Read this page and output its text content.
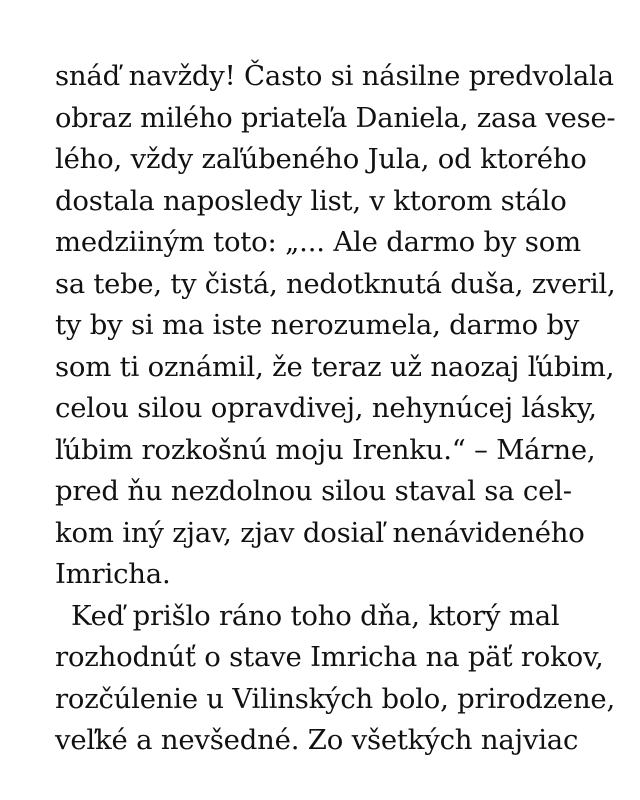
snáď navždy! Často si násilne predvolala
obraz milého priateľa Daniela, zasa vese-
lého, vždy zaľúbeného Jula, od ktorého
dostala naposledy list, v ktorom stálo
medziiným toto: „... Ale darmo by som
sa tebe, ty čistá, nedotknutá duša, zveril,
ty by si ma iste nerozumela, darmo by
som ti oznámil, že teraz už naozaj ľúbim,
celou silou opravdivej, nehynúcej lásky,
ľúbim rozkošnú moju Irenku.“ – Márne,
pred ňu nezdolnou silou staval sa cel-
kom iný zjav, zjav dosiaľ nenávideného
Imricha.
Keď prišlo ráno toho dňa, ktorý mal
rozhodnúť o stave Imricha na päť rokov,
rozčúlenie u Vilinských bolo, prirodzene,
veľké a nevšedné. Zo všetkých najviac
